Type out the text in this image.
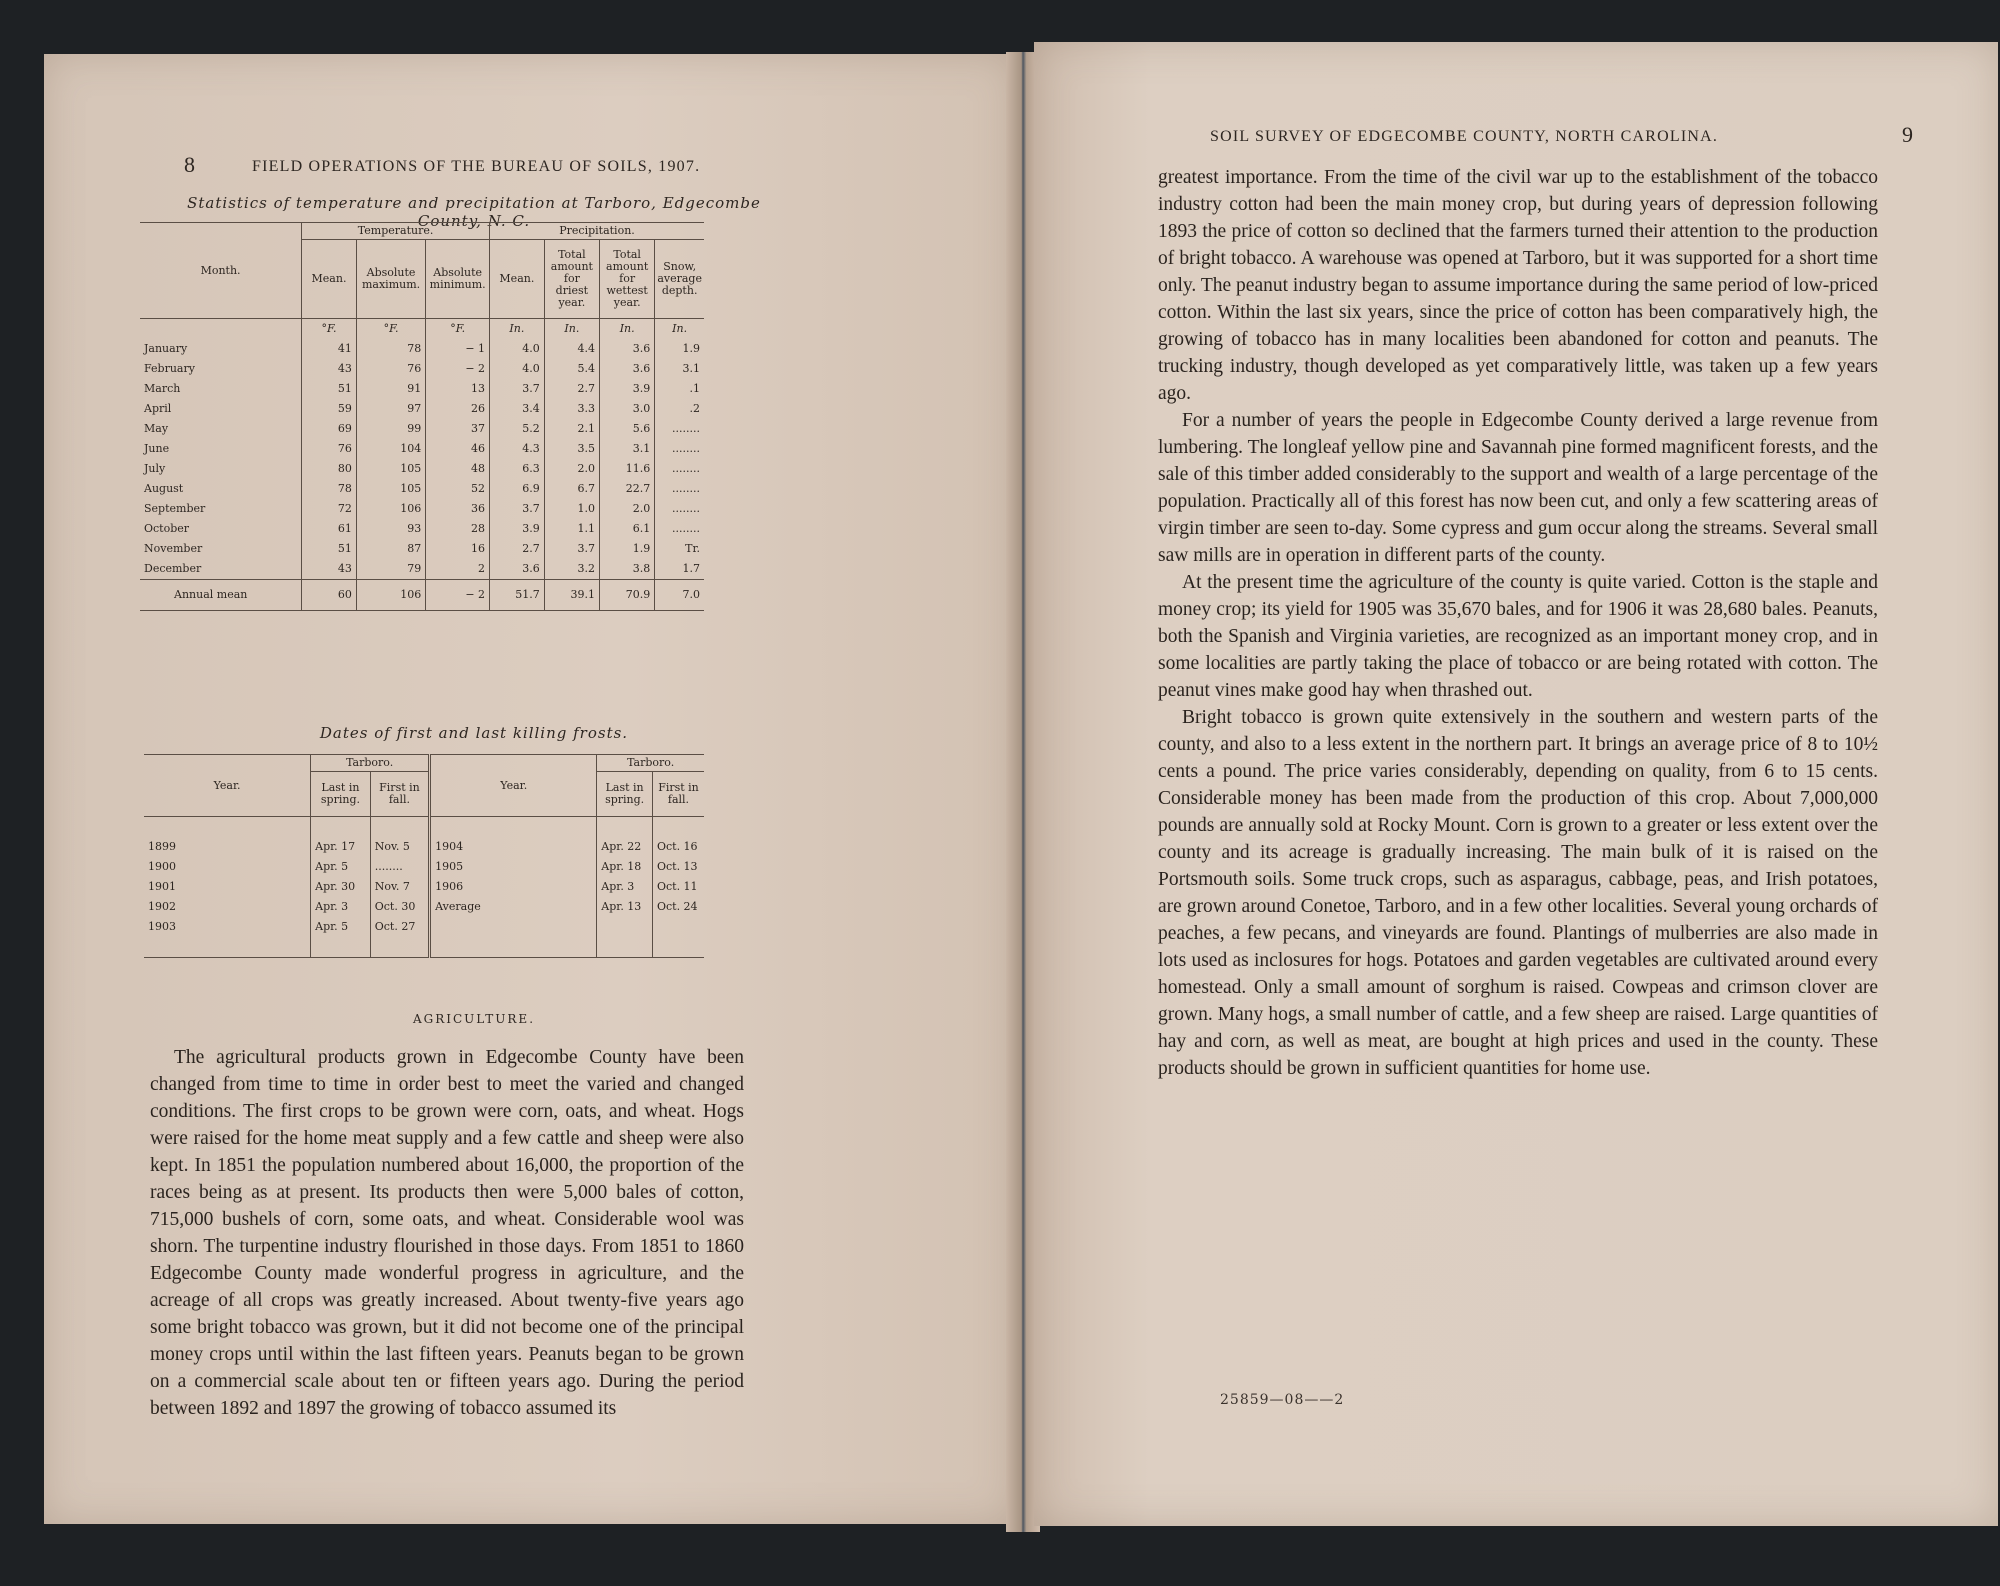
8	FIELD OPERATIONS OF THE BUREAU OF SOILS, 1907.
Statistics of temperature and precipitation at Tarboro, Edgecombe County, N. C.
Month.	Temperature.			Precipitation.			
	Mean.	Absolute maximum.	Absolute minimum.	Mean.	Total amount for driest year.	Total amount for wettest year.	Snow, average depth.
	°F.	°F.	°F.	In.	In.	In.	In.
January	41	78	− 1	4.0	4.4	3.6	1.9
February	43	76	− 2	4.0	5.4	3.6	3.1
March	51	91	13	3.7	2.7	3.9	.1
April	59	97	26	3.4	3.3	3.0	.2
May	69	99	37	5.2	2.1	5.6	........
June	76	104	46	4.3	3.5	3.1	........
July	80	105	48	6.3	2.0	11.6	........
August	78	105	52	6.9	6.7	22.7	........
September	72	106	36	3.7	1.0	2.0	........
October	61	93	28	3.9	1.1	6.1	........
November	51	87	16	2.7	3.7	1.9	Tr.
December	43	79	2	3.6	3.2	3.8	1.7
Annual mean	60	106	− 2	51.7	39.1	70.9	7.0
Dates of first and last killing frosts.
Year.	Tarboro.		Year.	Tarboro.	
	Last in spring.	First in fall.		Last in spring.	First in fall.

1899	Apr. 17	Nov. 5	1904	Apr. 22	Oct. 16
1900	Apr. 5	........	1905	Apr. 18	Oct. 13
1901	Apr. 30	Nov. 7	1906	Apr. 3	Oct. 11
1902	Apr. 3	Oct. 30	Average	Apr. 13	Oct. 24
1903	Apr. 5	Oct. 27			

AGRICULTURE.

The agricultural products grown in Edgecombe County have been changed from time to time in order best to meet the varied and changed conditions. The first crops to be grown were corn, oats, and wheat. Hogs were raised for the home meat supply and a few cattle and sheep were also kept. In 1851 the population numbered about 16,000, the proportion of the races being as at present. Its products then were 5,000 bales of cotton, 715,000 bushels of corn, some oats, and wheat. Considerable wool was shorn. The turpentine industry flourished in those days. From 1851 to 1860 Edgecombe County made wonderful progress in agriculture, and the acreage of all crops was greatly increased. About twenty-five years ago some bright tobacco was grown, but it did not become one of the principal money crops until within the last fifteen years. Peanuts began to be grown on a commercial scale about ten or fifteen years ago. During the period between 1892 and 1897 the growing of tobacco assumed its

SOIL SURVEY OF EDGECOMBE COUNTY, NORTH CAROLINA.	9

greatest importance. From the time of the civil war up to the establishment of the tobacco industry cotton had been the main money crop, but during years of depression following 1893 the price of cotton so declined that the farmers turned their attention to the production of bright tobacco. A warehouse was opened at Tarboro, but it was supported for a short time only. The peanut industry began to assume importance during the same period of low-priced cotton. Within the last six years, since the price of cotton has been comparatively high, the growing of tobacco has in many localities been abandoned for cotton and peanuts. The trucking industry, though developed as yet comparatively little, was taken up a few years ago.

For a number of years the people in Edgecombe County derived a large revenue from lumbering. The longleaf yellow pine and Savannah pine formed magnificent forests, and the sale of this timber added considerably to the support and wealth of a large percentage of the population. Practically all of this forest has now been cut, and only a few scattering areas of virgin timber are seen to-day. Some cypress and gum occur along the streams. Several small saw mills are in operation in different parts of the county.

At the present time the agriculture of the county is quite varied. Cotton is the staple and money crop; its yield for 1905 was 35,670 bales, and for 1906 it was 28,680 bales. Peanuts, both the Spanish and Virginia varieties, are recognized as an important money crop, and in some localities are partly taking the place of tobacco or are being rotated with cotton. The peanut vines make good hay when thrashed out.

Bright tobacco is grown quite extensively in the southern and western parts of the county, and also to a less extent in the northern part. It brings an average price of 8 to 10½ cents a pound. The price varies considerably, depending on quality, from 6 to 15 cents. Considerable money has been made from the production of this crop. About 7,000,000 pounds are annually sold at Rocky Mount. Corn is grown to a greater or less extent over the county and its acreage is gradually increasing. The main bulk of it is raised on the Portsmouth soils. Some truck crops, such as asparagus, cabbage, peas, and Irish potatoes, are grown around Conetoe, Tarboro, and in a few other localities. Several young orchards of peaches, a few pecans, and vineyards are found. Plantings of mulberries are also made in lots used as inclosures for hogs. Potatoes and garden vegetables are cultivated around every homestead. Only a small amount of sorghum is raised. Cowpeas and crimson clover are grown. Many hogs, a small number of cattle, and a few sheep are raised. Large quantities of hay and corn, as well as meat, are bought at high prices and used in the county. These products should be grown in sufficient quantities for home use.

25859—08——2
